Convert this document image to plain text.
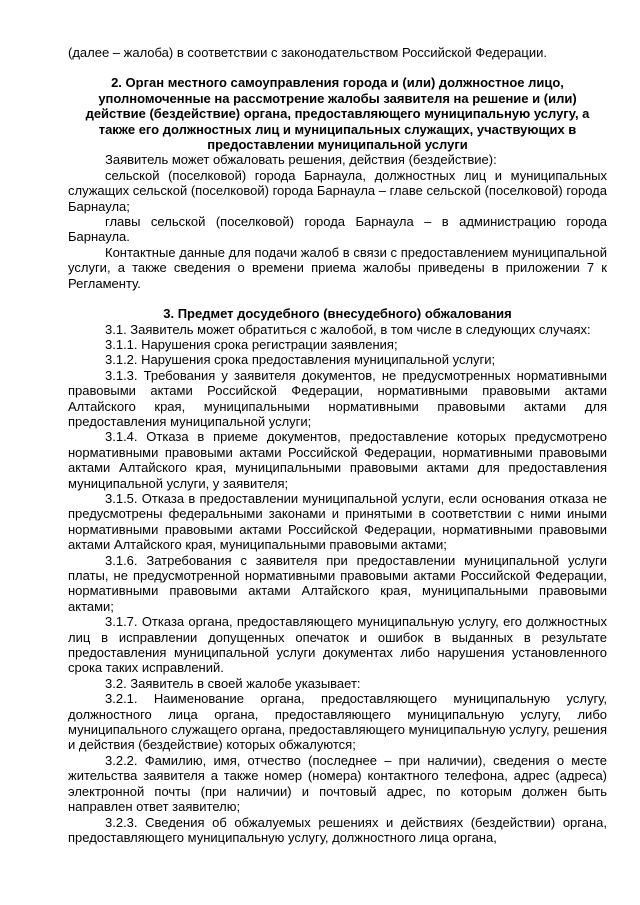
(далее – жалоба) в соответствии с законодательством Российской Федерации.

2. Орган местного самоуправления города и (или) должностное лицо, уполномоченные на рассмотрение жалобы заявителя на решение и (или) действие (бездействие) органа, предоставляющего муниципальную услугу, а также его должностных лиц и муниципальных служащих, участвующих в предоставлении муниципальной услуги

Заявитель может обжаловать решения, действия (бездействие):

сельской (поселковой) города Барнаула, должностных лиц и муниципальных служащих сельской (поселковой) города Барнаула – главе сельской (поселковой) города Барнаула;

главы сельской (поселковой) города Барнаула – в администрацию города Барнаула.

Контактные данные для подачи жалоб в связи с предоставлением муниципальной услуги, а также сведения о времени приема жалобы приведены в приложении 7 к Регламенту.

3. Предмет досудебного (внесудебного) обжалования

3.1. Заявитель может обратиться с жалобой, в том числе в следующих случаях:

3.1.1. Нарушения срока регистрации заявления;

3.1.2. Нарушения срока предоставления муниципальной услуги;

3.1.3. Требования у заявителя документов, не предусмотренных нормативными правовыми актами Российской Федерации, нормативными правовыми актами Алтайского края, муниципальными нормативными правовыми актами для предоставления муниципальной услуги;

3.1.4. Отказа в приеме документов, предоставление которых предусмотрено нормативными правовыми актами Российской Федерации, нормативными правовыми актами Алтайского края, муниципальными правовыми актами для предоставления муниципальной услуги, у заявителя;

3.1.5. Отказа в предоставлении муниципальной услуги, если основания отказа не предусмотрены федеральными законами и принятыми в соответствии с ними иными нормативными правовыми актами Российской Федерации, нормативными правовыми актами Алтайского края, муниципальными правовыми актами;

3.1.6. Затребования с заявителя при предоставлении муниципальной услуги платы, не предусмотренной нормативными правовыми актами Российской Федерации, нормативными правовыми актами Алтайского края, муниципальными правовыми актами;

3.1.7. Отказа органа, предоставляющего муниципальную услугу, его должностных лиц в исправлении допущенных опечаток и ошибок в выданных в результате предоставления муниципальной услуги документах либо нарушения установленного срока таких исправлений.

3.2. Заявитель в своей жалобе указывает:

3.2.1. Наименование органа, предоставляющего муниципальную услугу, должностного лица органа, предоставляющего муниципальную услугу, либо муниципального служащего органа, предоставляющего муниципальную услугу, решения и действия (бездействие) которых обжалуются;

3.2.2. Фамилию, имя, отчество (последнее – при наличии), сведения о месте жительства заявителя а также номер (номера) контактного телефона, адрес (адреса) электронной почты (при наличии) и почтовый адрес, по которым должен быть направлен ответ заявителю;

3.2.3. Сведения об обжалуемых решениях и действиях (бездействии) органа, предоставляющего муниципальную услугу, должностного лица органа,
